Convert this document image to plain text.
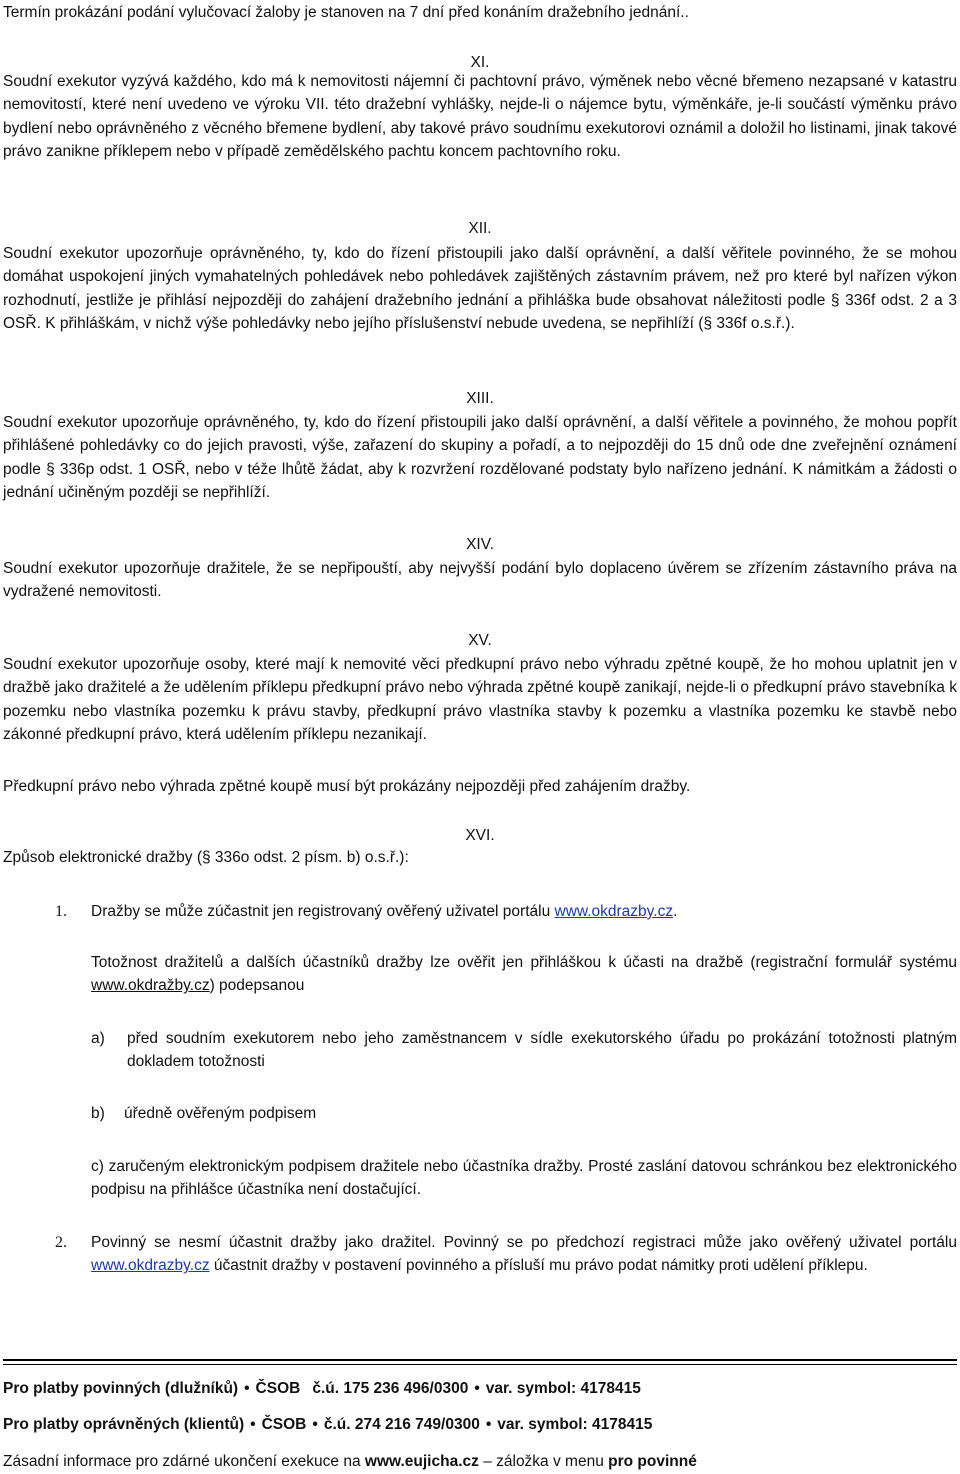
Termín prokázání podání vylučovací žaloby je stanoven na 7 dní před konáním dražebního jednání..
XI.
Soudní exekutor vyzývá každého, kdo má k nemovitosti nájemní či pachtovní právo, výměnek nebo věcné břemeno nezapsané v katastru nemovitostí, které není uvedeno ve výroku VII. této dražební vyhlášky, nejde-li o nájemce bytu, výměnkáře, je-li součástí výměnku právo bydlení nebo oprávněného z věcného břemene bydlení, aby takové právo soudnímu exekutorovi oznámil a doložil ho listinami, jinak takové právo zanikne příklepem nebo v případě zemědělského pachtu koncem pachtovního roku.
XII.
Soudní exekutor upozorňuje oprávněného, ty, kdo do řízení přistoupili jako další oprávnění, a další věřitele povinného, že se mohou domáhat uspokojení jiných vymahatelných pohledávek nebo pohledávek zajištěných zástavním právem, než pro které byl nařízen výkon rozhodnutí, jestliže je přihlásí nejpozději do zahájení dražebního jednání a přihláška bude obsahovat náležitosti podle § 336f odst. 2 a 3 OSŘ. K přihláškám, v nichž výše pohledávky nebo jejího příslušenství nebude uvedena, se nepřihlíží (§ 336f o.s.ř.).
XIII.
Soudní exekutor upozorňuje oprávněného, ty, kdo do řízení přistoupili jako další oprávnění, a další věřitele a povinného, že mohou popřít přihlášené pohledávky co do jejich pravosti, výše, zařazení do skupiny a pořadí, a to nejpozději do 15 dnů ode dne zveřejnění oznámení podle § 336p odst. 1 OSŘ, nebo v téže lhůtě žádat, aby k rozvržení rozdělované podstaty bylo nařízeno jednání. K námitkám a žádosti o jednání učiněným později se nepřihlíží.
XIV.
Soudní exekutor upozorňuje dražitele, že se nepřipouští, aby nejvyšší podání bylo doplaceno úvěrem se zřízením zástavního práva na vydražené nemovitosti.
XV.
Soudní exekutor upozorňuje osoby, které mají k nemovité věci předkupní právo nebo výhradu zpětné koupě, že ho mohou uplatnit jen v dražbě jako dražitelé a že udělením příklepu předkupní právo nebo výhrada zpětné koupě zanikají, nejde-li o předkupní právo stavebníka k pozemku nebo vlastníka pozemku k právu stavby, předkupní právo vlastníka stavby k pozemku a vlastníka pozemku ke stavbě nebo zákonné předkupní právo, která udělením příklepu nezanikají.
Předkupní právo nebo výhrada zpětné koupě musí být prokázány nejpozději před zahájením dražby.
XVI.
Způsob elektronické dražby (§ 336o odst. 2 písm. b) o.s.ř.):
1. Dražby se může zúčastnit jen registrovaný ověřený uživatel portálu www.okdrazby.cz.
Totožnost dražitelů a dalších účastníků dražby lze ověřit jen přihláškou k účasti na dražbě (registrační formulář systému www.okdražby.cz) podepsanou
a) před soudním exekutorem nebo jeho zaměstnancem v sídle exekutorského úřadu po prokázání totožnosti platným dokladem totožnosti
b) úředně ověřeným podpisem
c) zaručeným elektronickým podpisem dražitele nebo účastníka dražby. Prosté zaslání datovou schránkou bez elektronického podpisu na přihlášce účastníka není dostačující.
2. Povinný se nesmí účastnit dražby jako dražitel. Povinný se po předchozí registraci může jako ověřený uživatel portálu www.okdrazby.cz účastnit dražby v postavení povinného a přísluší mu právo podat námitky proti udělení příklepu.
Pro platby povinných (dlužníků) • ČSOB č.ú. 175 236 496/0300 • var. symbol: 4178415
Pro platby oprávněných (klientů) • ČSOB • č.ú. 274 216 749/0300 • var. symbol: 4178415
Zásadní informace pro zdárné ukončení exekuce na www.eujicha.cz – záložka v menu pro povinné
